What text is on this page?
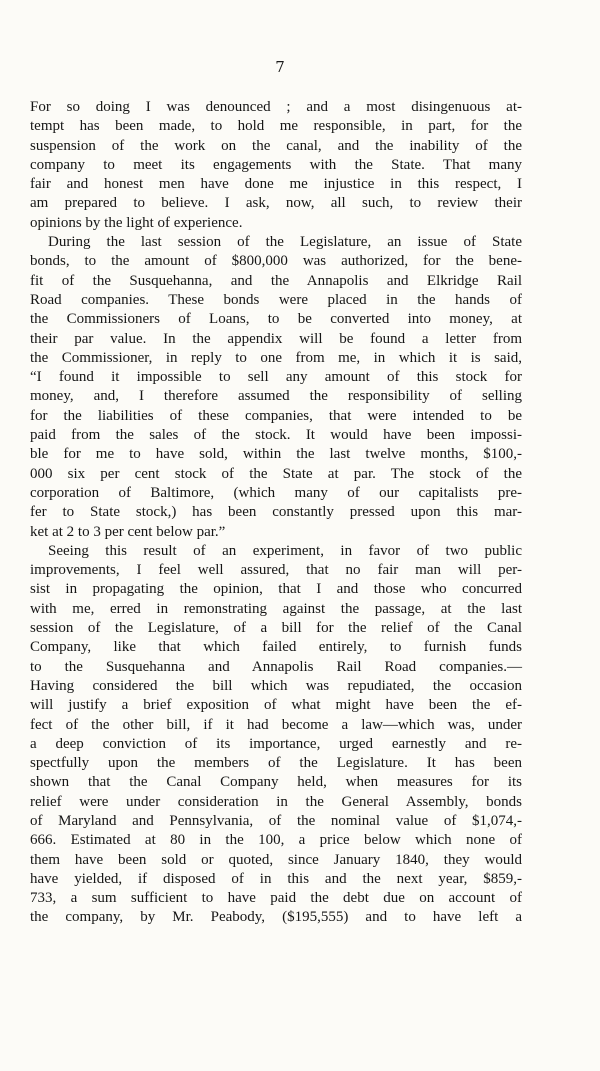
7
For so doing I was denounced ; and a most disingenuous at-
tempt has been made, to hold me responsible, in part, for the
suspension of the work on the canal, and the inability of the
company to meet its engagements with the State. That many
fair and honest men have done me injustice in this respect, I
am prepared to believe. I ask, now, all such, to review their
opinions by the light of experience.
During the last session of the Legislature, an issue of State
bonds, to the amount of $800,000 was authorized, for the bene-
fit of the Susquehanna, and the Annapolis and Elkridge Rail
Road companies. These bonds were placed in the hands of
the Commissioners of Loans, to be converted into money, at
their par value. In the appendix will be found a letter from
the Commissioner, in reply to one from me, in which it is said,
“I found it impossible to sell any amount of this stock for
money, and, I therefore assumed the responsibility of selling
for the liabilities of these companies, that were intended to be
paid from the sales of the stock. It would have been impossi-
ble for me to have sold, within the last twelve months, $100,-
000 six per cent stock of the State at par. The stock of the
corporation of Baltimore, (which many of our capitalists pre-
fer to State stock,) has been constantly pressed upon this mar-
ket at 2 to 3 per cent below par.”
Seeing this result of an experiment, in favor of two public
improvements, I feel well assured, that no fair man will per-
sist in propagating the opinion, that I and those who concurred
with me, erred in remonstrating against the passage, at the last
session of the Legislature, of a bill for the relief of the Canal
Company, like that which failed entirely, to furnish funds
to the Susquehanna and Annapolis Rail Road companies.—
Having considered the bill which was repudiated, the occasion
will justify a brief exposition of what might have been the ef-
fect of the other bill, if it had become a law—which was, under
a deep conviction of its importance, urged earnestly and re-
spectfully upon the members of the Legislature. It has been
shown that the Canal Company held, when measures for its
relief were under consideration in the General Assembly, bonds
of Maryland and Pennsylvania, of the nominal value of $1,074,-
666. Estimated at 80 in the 100, a price below which none of
them have been sold or quoted, since January 1840, they would
have yielded, if disposed of in this and the next year, $859,-
733, a sum sufficient to have paid the debt due on account of
the company, by Mr. Peabody, ($195,555) and to have left a
